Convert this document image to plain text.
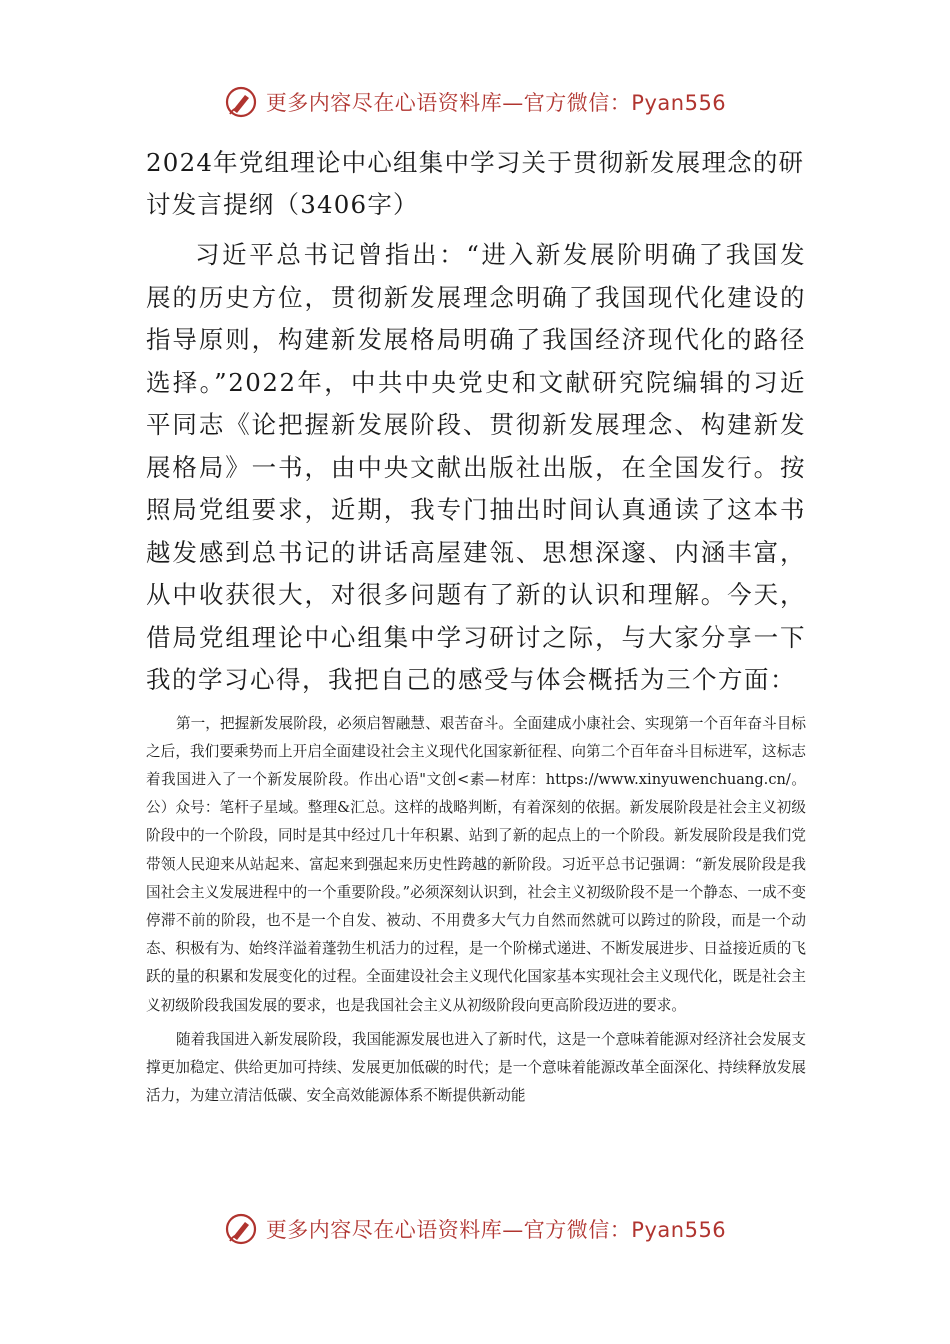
更多内容尽在心语资料库—官方微信：Pyan556
2024年党组理论中心组集中学习关于贯彻新发展理念的研讨发言提纲（3406字）

习近平总书记曾指出：“进入新发展阶明确了我国发展的历史方位，贯彻新发展理念明确了我国现代化建设的指导原则，构建新发展格局明确了我国经济现代化的路径选择。”2022年，中共中央党史和文献研究院编辑的习近平同志《论把握新发展阶段、贯彻新发展理念、构建新发展格局》一书，由中央文献出版社出版，在全国发行。按照局党组要求，近期，我专门抽出时间认真通读了这本书越发感到总书记的讲话高屋建瓴、思想深邃、内涵丰富，从中收获很大，对很多问题有了新的认识和理解。今天，借局党组理论中心组集中学习研讨之际，与大家分享一下我的学习心得，我把自己的感受与体会概括为三个方面：

第一，把握新发展阶段，必须启智融慧、艰苦奋斗。全面建成小康社会、实现第一个百年奋斗目标之后，我们要乘势而上开启全面建设社会主义现代化国家新征程、向第二个百年奋斗目标进军，这标志着我国进入了一个新发展阶段。作出心语"文创<素—材库：https://www.xinyuwenchuang.cn/。公）众号：笔杆子星域。整理&汇总。这样的战略判断，有着深刻的依据。新发展阶段是社会主义初级阶段中的一个阶段，同时是其中经过几十年积累、站到了新的起点上的一个阶段。新发展阶段是我们党带领人民迎来从站起来、富起来到强起来历史性跨越的新阶段。习近平总书记强调：“新发展阶段是我国社会主义发展进程中的一个重要阶段。”必须深刻认识到，社会主义初级阶段不是一个静态、一成不变停滞不前的阶段，也不是一个自发、被动、不用费多大气力自然而然就可以跨过的阶段，而是一个动态、积极有为、始终洋溢着蓬勃生机活力的过程，是一个阶梯式递进、不断发展进步、日益接近质的飞跃的量的积累和发展变化的过程。全面建设社会主义现代化国家基本实现社会主义现代化，既是社会主义初级阶段我国发展的要求，也是我国社会主义从初级阶段向更高阶段迈进的要求。

随着我国进入新发展阶段，我国能源发展也进入了新时代，这是一个意味着能源对经济社会发展支撑更加稳定、供给更加可持续、发展更加低碳的时代；是一个意味着能源改革全面深化、持续释放发展活力，为建立清洁低碳、安全高效能源体系不断提供新动能

更多内容尽在心语资料库—官方微信：Pyan556
